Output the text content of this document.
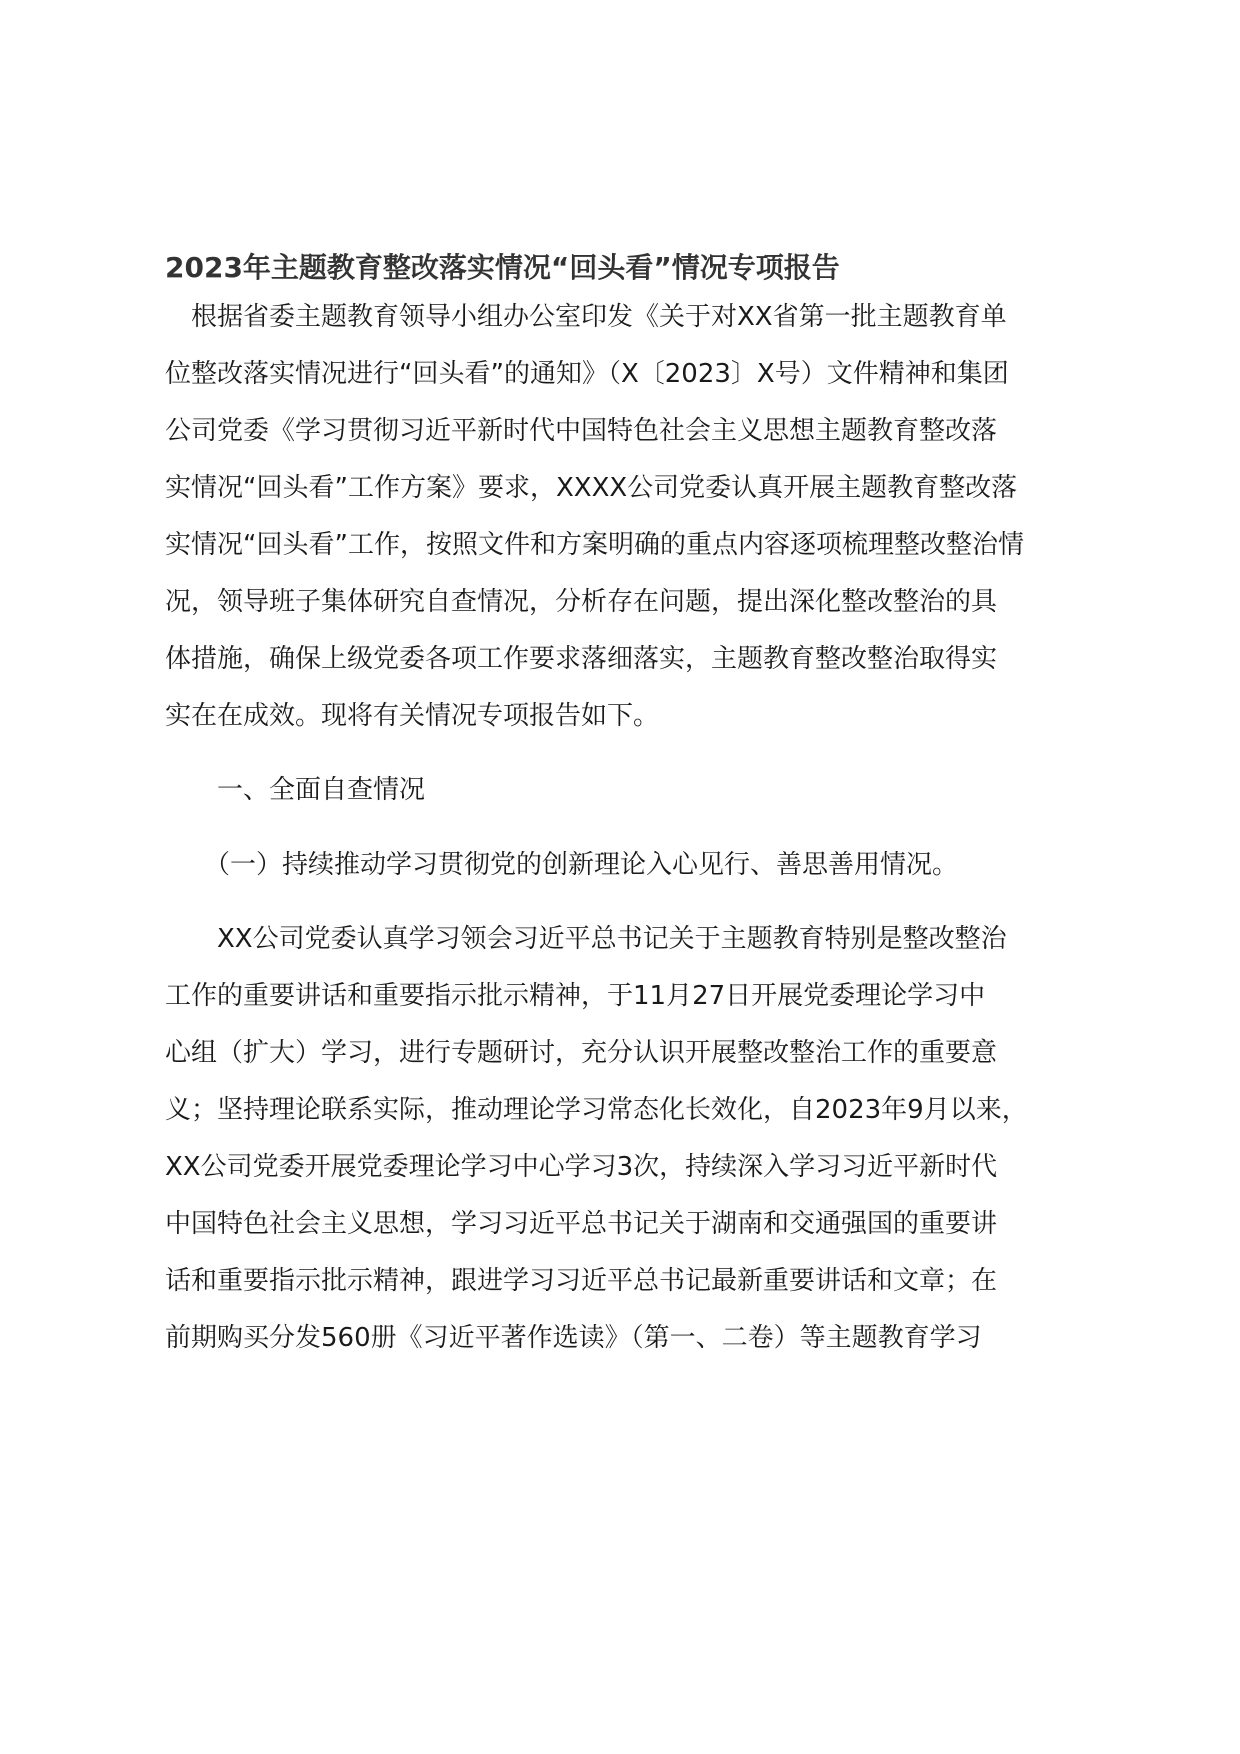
2023年主题教育整改落实情况“回头看”情况专项报告

　根据省委主题教育领导小组办公室印发《关于对XX省第一批主题教育单

位整改落实情况进行“回头看”的通知》（X〔2023〕X号）文件精神和集团

公司党委《学习贯彻习近平新时代中国特色社会主义思想主题教育整改落

实情况“回头看”工作方案》要求，XXXX公司党委认真开展主题教育整改落

实情况“回头看”工作，按照文件和方案明确的重点内容逐项梳理整改整治情

况，领导班子集体研究自查情况，分析存在问题，提出深化整改整治的具

体措施，确保上级党委各项工作要求落细落实，主题教育整改整治取得实

实在在成效。现将有关情况专项报告如下。

　　一、全面自查情况

　　（一）持续推动学习贯彻党的创新理论入心见行、善思善用情况。

　　XX公司党委认真学习领会习近平总书记关于主题教育特别是整改整治

工作的重要讲话和重要指示批示精神，于11月27日开展党委理论学习中

心组（扩大）学习，进行专题研讨，充分认识开展整改整治工作的重要意

义；坚持理论联系实际，推动理论学习常态化长效化，自2023年9月以来，

XX公司党委开展党委理论学习中心学习3次，持续深入学习习近平新时代

中国特色社会主义思想，学习习近平总书记关于湖南和交通强国的重要讲

话和重要指示批示精神，跟进学习习近平总书记最新重要讲话和文章；在

前期购买分发560册《习近平著作选读》（第一、二卷）等主题教育学习
